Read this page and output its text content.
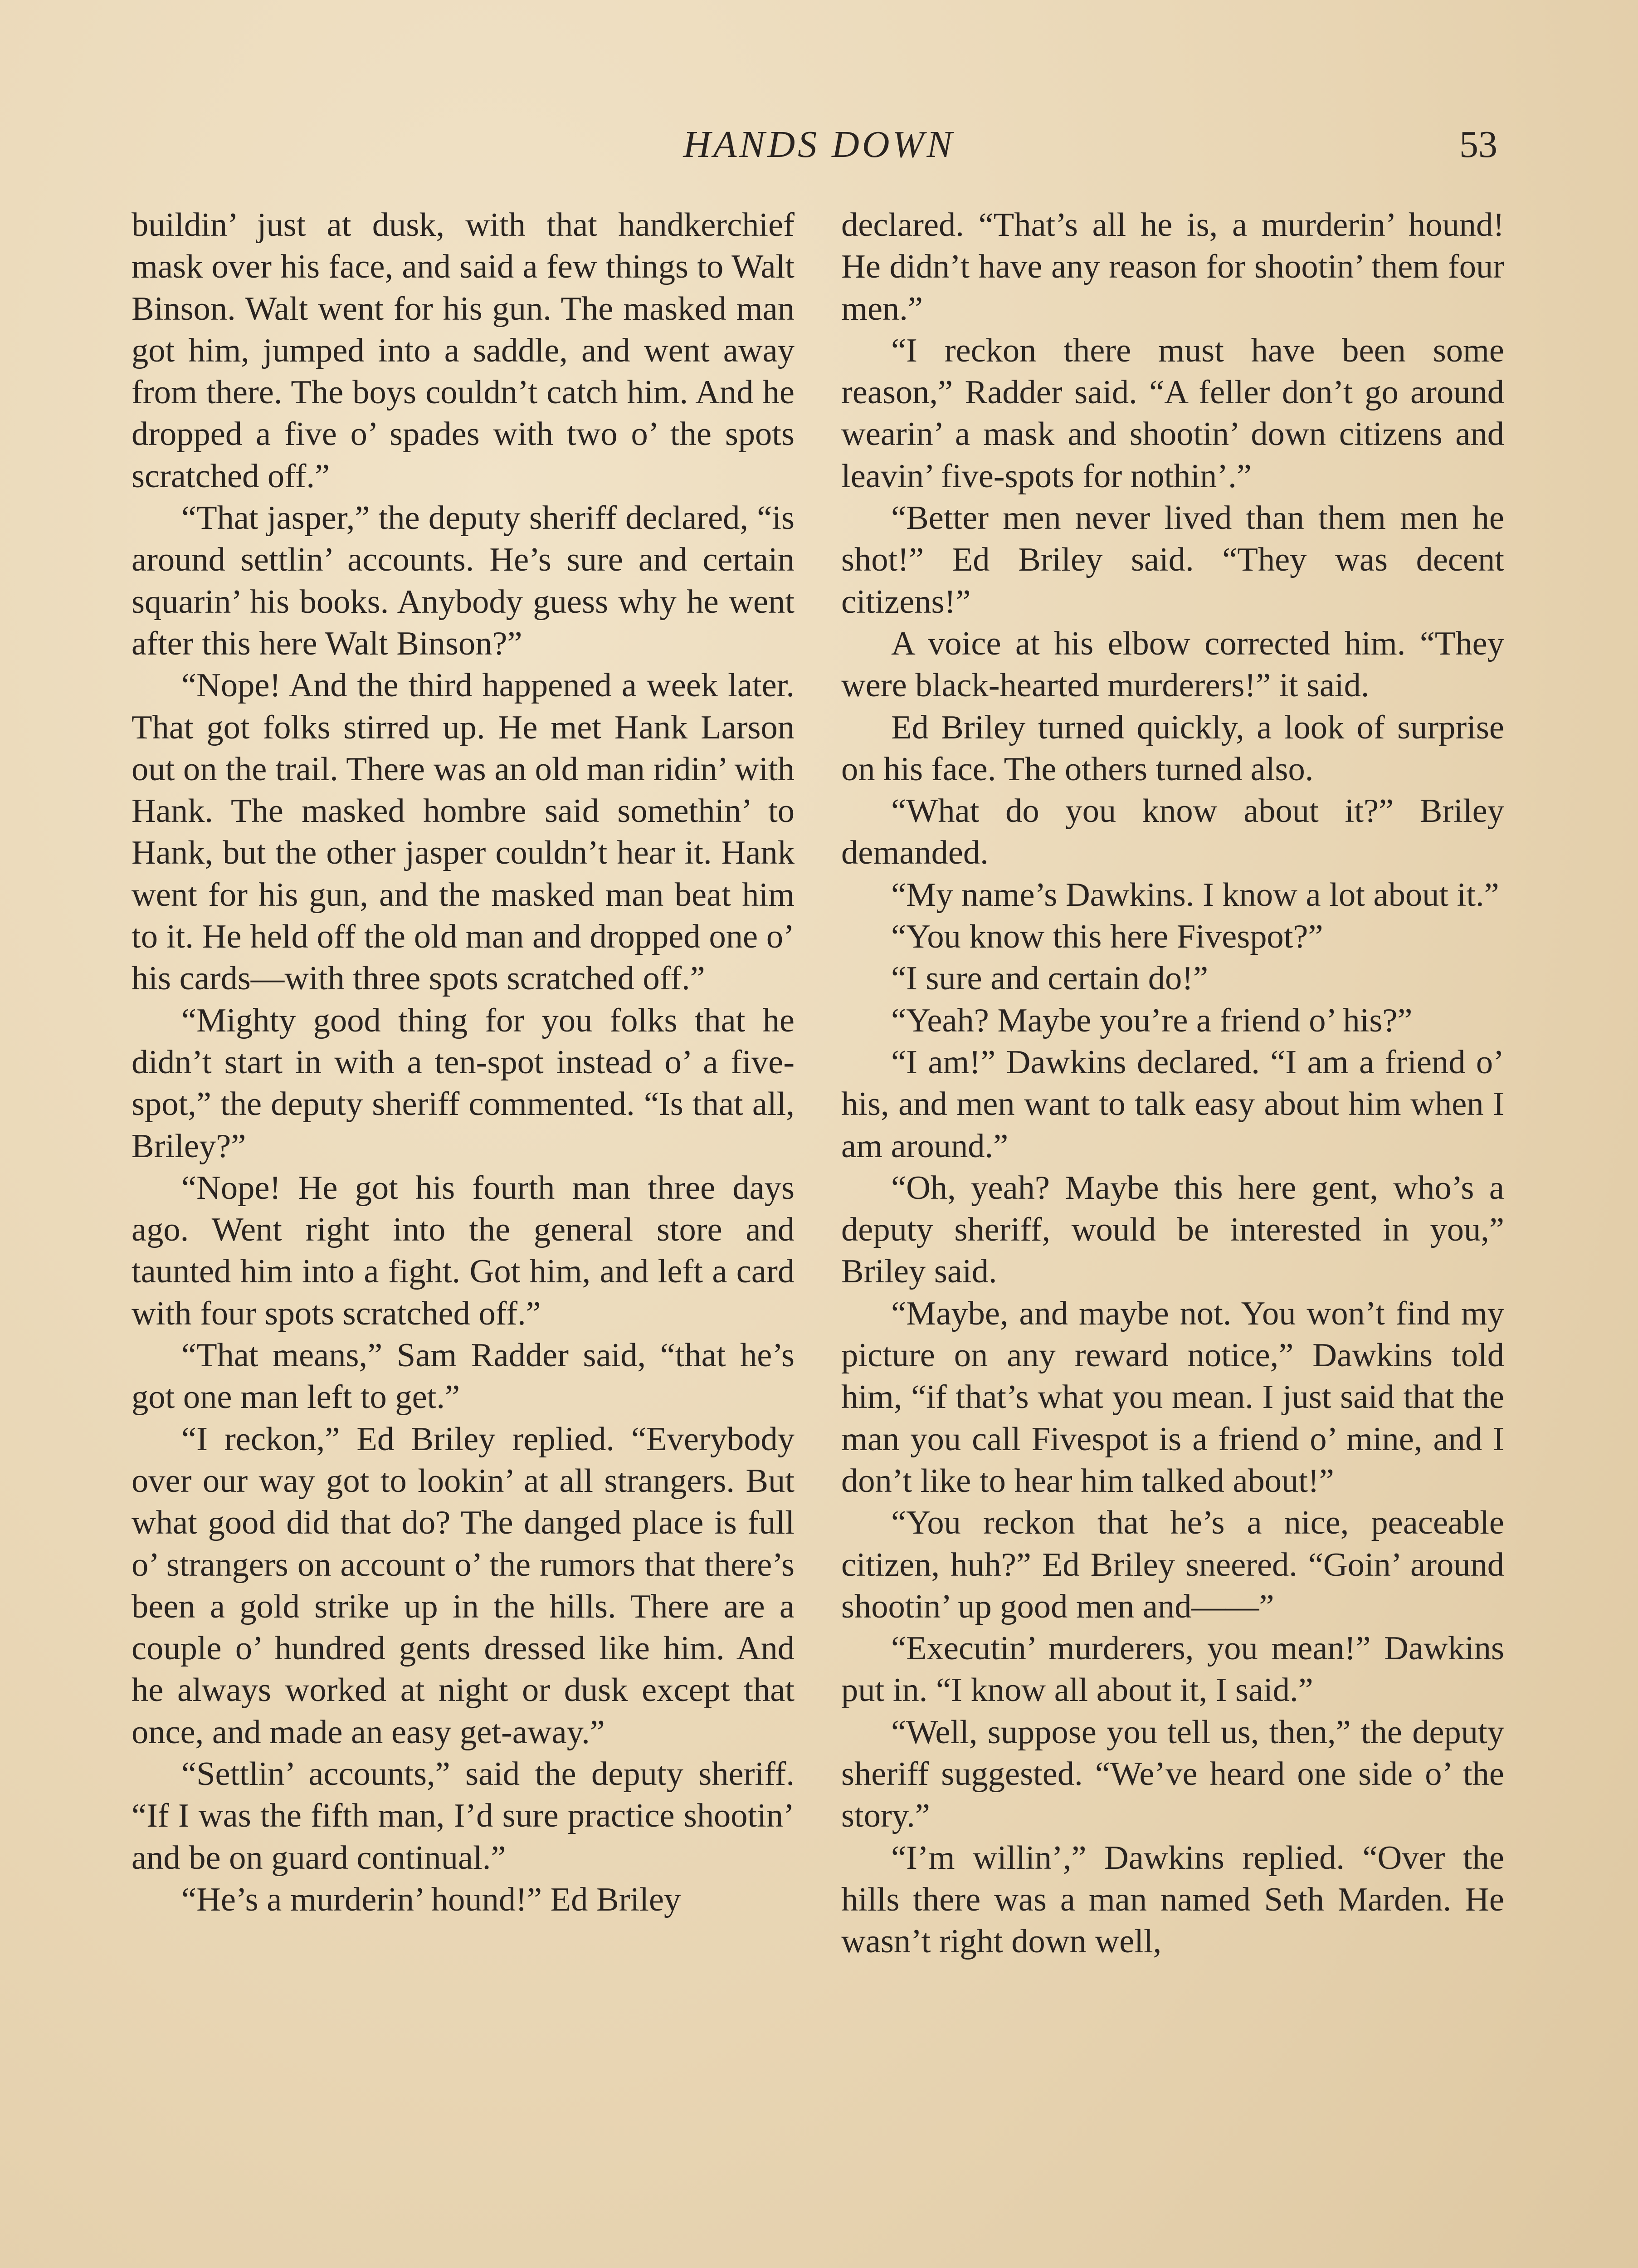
HANDS DOWN	53

buildin’ just at dusk, with that handkerchief mask over his face, and said a few things to Walt Binson. Walt went for his gun. The masked man got him, jumped into a saddle, and went away from there. The boys couldn’t catch him. And he dropped a five o’ spades with two o’ the spots scratched off.”

“That jasper,” the deputy sheriff declared, “is around settlin’ accounts. He’s sure and certain squarin’ his books. Anybody guess why he went after this here Walt Binson?”

“Nope! And the third happened a week later. That got folks stirred up. He met Hank Larson out on the trail. There was an old man ridin’ with Hank. The masked hombre said somethin’ to Hank, but the other jasper couldn’t hear it. Hank went for his gun, and the masked man beat him to it. He held off the old man and dropped one o’ his cards—with three spots scratched off.”

“Mighty good thing for you folks that he didn’t start in with a ten-spot instead o’ a five-spot,” the deputy sheriff commented. “Is that all, Briley?”

“Nope! He got his fourth man three days ago. Went right into the general store and taunted him into a fight. Got him, and left a card with four spots scratched off.”

“That means,” Sam Radder said, “that he’s got one man left to get.”

“I reckon,” Ed Briley replied. “Everybody over our way got to lookin’ at all strangers. But what good did that do? The danged place is full o’ strangers on account o’ the rumors that there’s been a gold strike up in the hills. There are a couple o’ hundred gents dressed like him. And he always worked at night or dusk except that once, and made an easy get-away.”

“Settlin’ accounts,” said the deputy sheriff. “If I was the fifth man, I’d sure practice shootin’ and be on guard continual.”

“He’s a murderin’ hound!” Ed Briley

declared. “That’s all he is, a murderin’ hound! He didn’t have any reason for shootin’ them four men.”

“I reckon there must have been some reason,” Radder said. “A feller don’t go around wearin’ a mask and shootin’ down citizens and leavin’ five-spots for nothin’.”

“Better men never lived than them men he shot!” Ed Briley said. “They was decent citizens!”

A voice at his elbow corrected him. “They were black-hearted murderers!” it said.

Ed Briley turned quickly, a look of surprise on his face. The others turned also.

“What do you know about it?” Briley demanded.

“My name’s Dawkins. I know a lot about it.”

“You know this here Fivespot?”

“I sure and certain do!”

“Yeah? Maybe you’re a friend o’ his?”

“I am!” Dawkins declared. “I am a friend o’ his, and men want to talk easy about him when I am around.”

“Oh, yeah? Maybe this here gent, who’s a deputy sheriff, would be interested in you,” Briley said.

“Maybe, and maybe not. You won’t find my picture on any reward notice,” Dawkins told him, “if that’s what you mean. I just said that the man you call Fivespot is a friend o’ mine, and I don’t like to hear him talked about!”

“You reckon that he’s a nice, peaceable citizen, huh?” Ed Briley sneered. “Goin’ around shootin’ up good men and——”

“Executin’ murderers, you mean!” Dawkins put in. “I know all about it, I said.”

“Well, suppose you tell us, then,” the deputy sheriff suggested. “We’ve heard one side o’ the story.”

“I’m willin’,” Dawkins replied. “Over the hills there was a man named Seth Marden. He wasn’t right down well,
